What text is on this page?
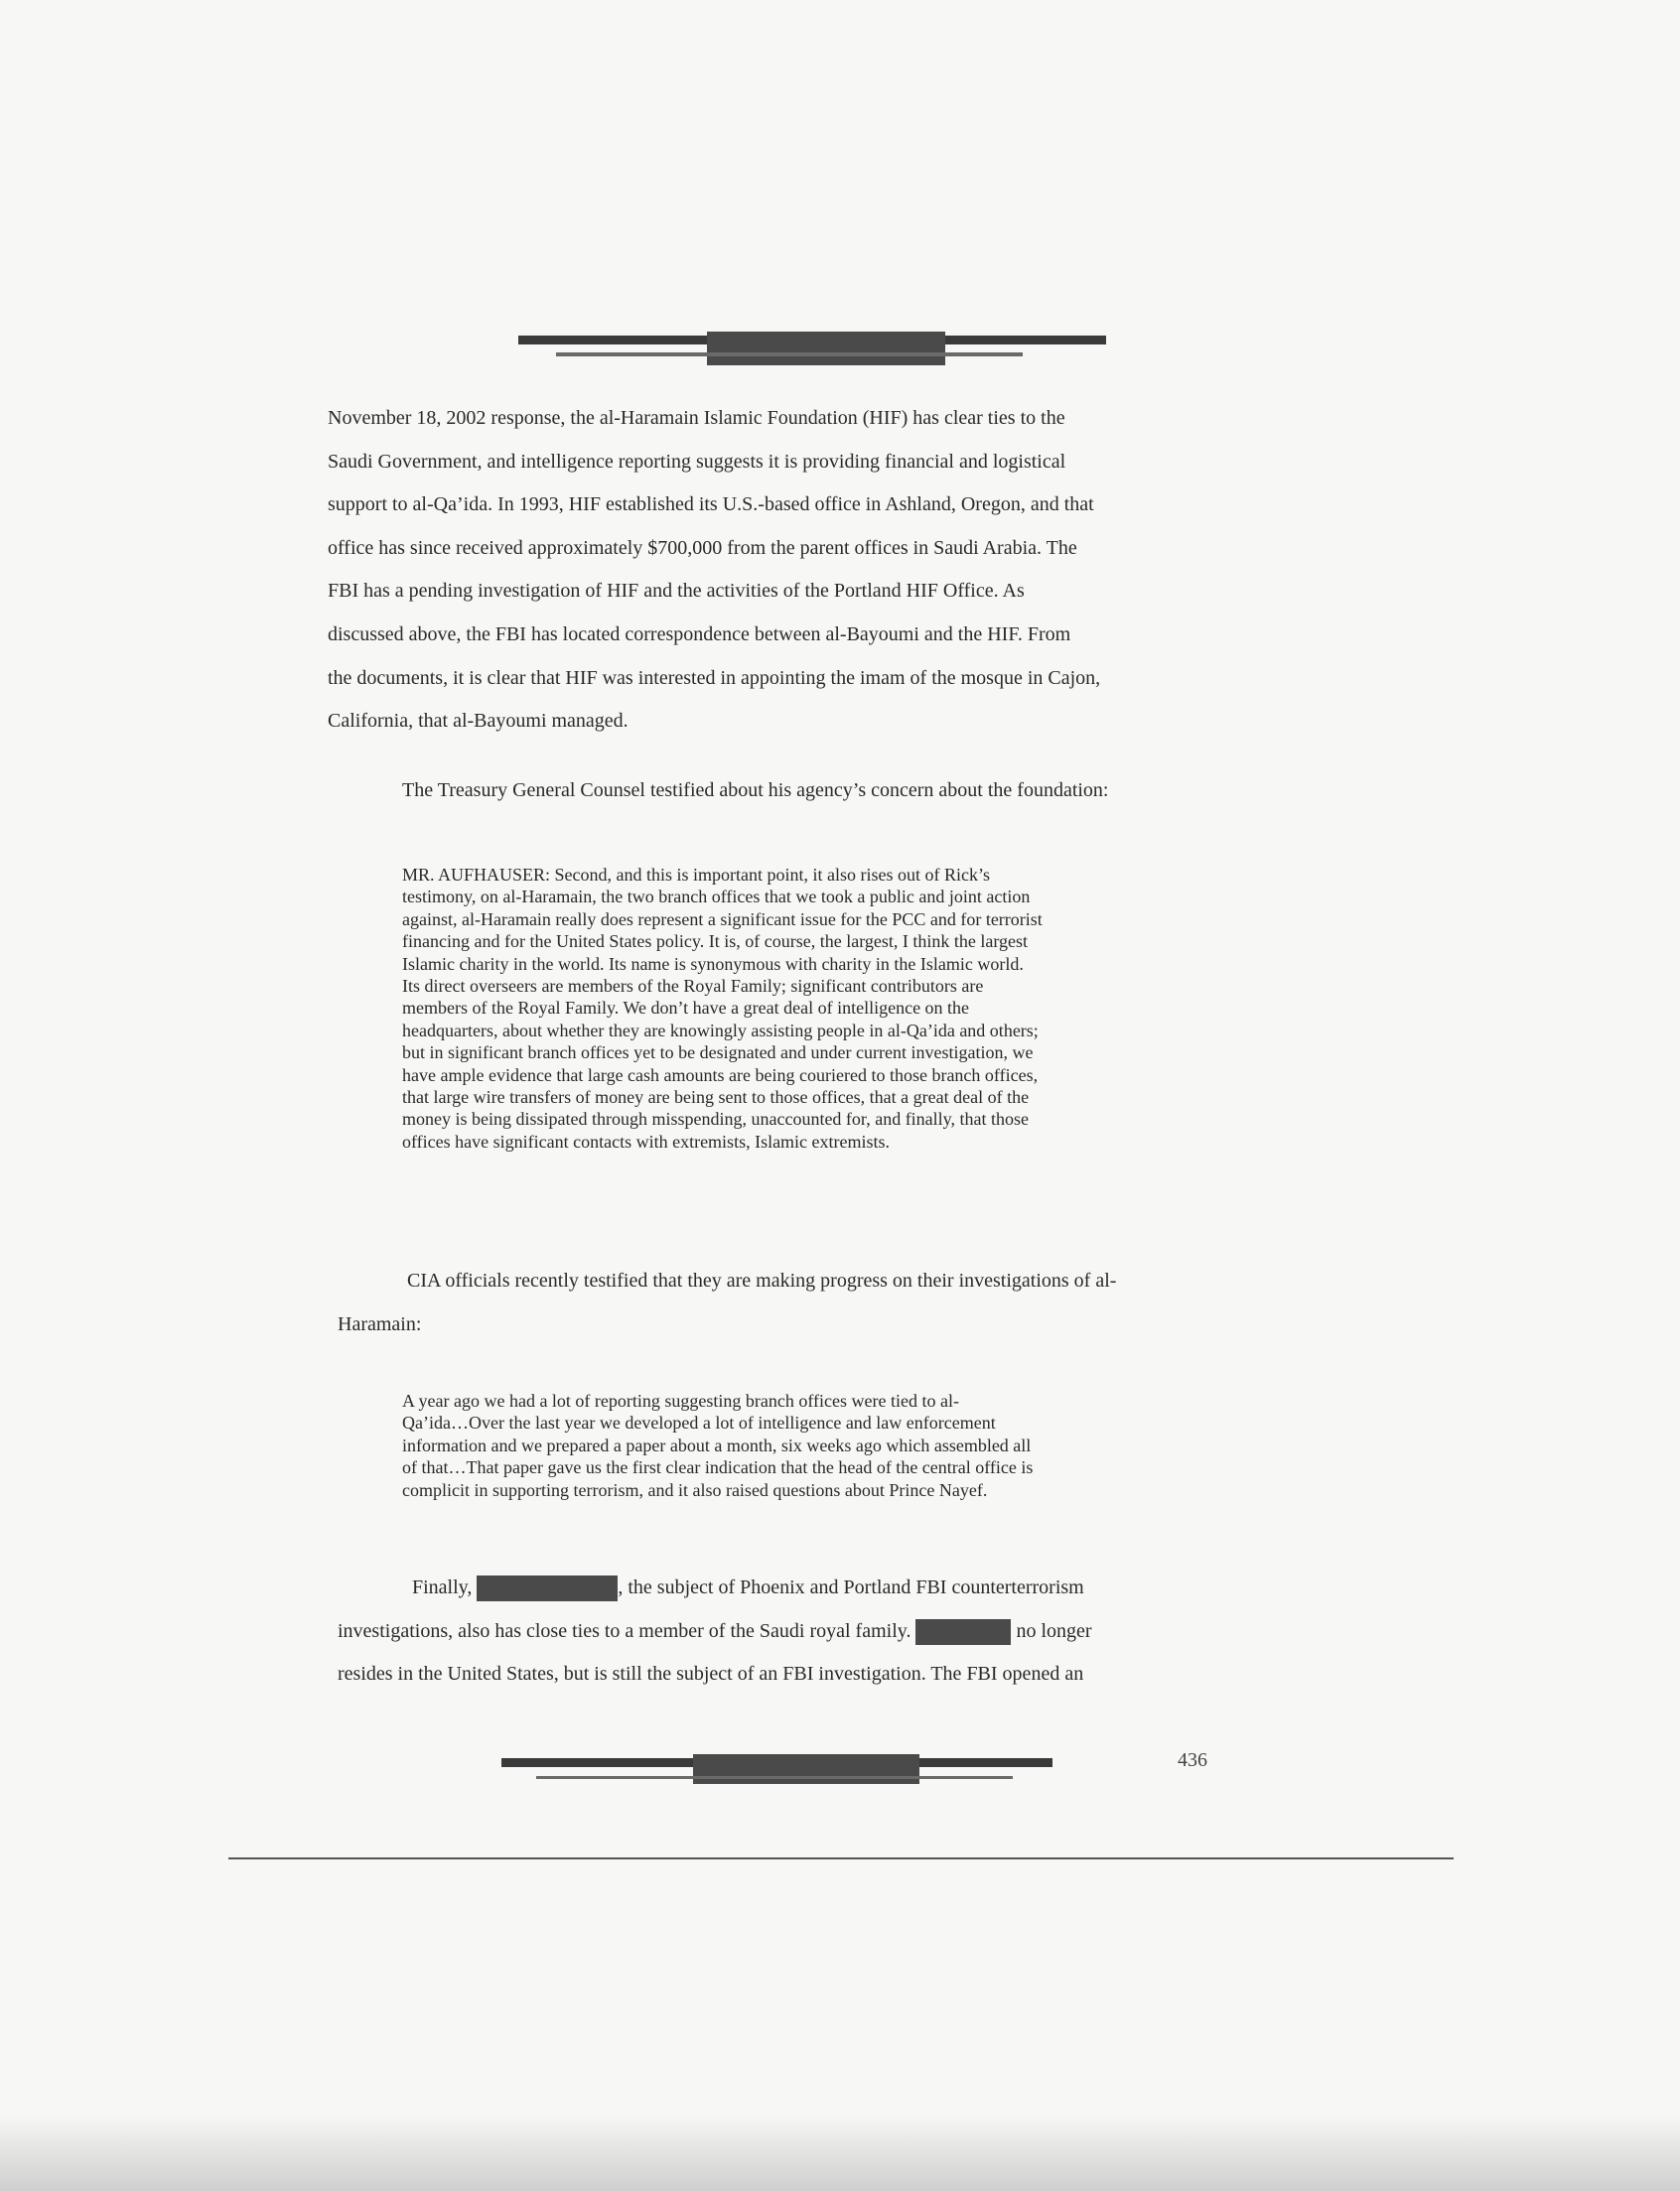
November 18, 2002 response, the al-Haramain Islamic Foundation (HIF) has clear ties to the
Saudi Government, and intelligence reporting suggests it is providing financial and logistical
support to al-Qa’ida. In 1993, HIF established its U.S.-based office in Ashland, Oregon, and that
office has since received approximately $700,000 from the parent offices in Saudi Arabia. The
FBI has a pending investigation of HIF and the activities of the Portland HIF Office. As
discussed above, the FBI has located correspondence between al-Bayoumi and the HIF. From
the documents, it is clear that HIF was interested in appointing the imam of the mosque in Cajon,
California, that al-Bayoumi managed.
The Treasury General Counsel testified about his agency’s concern about the foundation:
MR. AUFHAUSER: Second, and this is important point, it also rises out of Rick’s
testimony, on al-Haramain, the two branch offices that we took a public and joint action
against, al-Haramain really does represent a significant issue for the PCC and for terrorist
financing and for the United States policy. It is, of course, the largest, I think the largest
Islamic charity in the world. Its name is synonymous with charity in the Islamic world.
Its direct overseers are members of the Royal Family; significant contributors are
members of the Royal Family. We don’t have a great deal of intelligence on the
headquarters, about whether they are knowingly assisting people in al-Qa’ida and others;
but in significant branch offices yet to be designated and under current investigation, we
have ample evidence that large cash amounts are being couriered to those branch offices,
that large wire transfers of money are being sent to those offices, that a great deal of the
money is being dissipated through misspending, unaccounted for, and finally, that those
offices have significant contacts with extremists, Islamic extremists.
CIA officials recently testified that they are making progress on their investigations of al-
Haramain:
A year ago we had a lot of reporting suggesting branch offices were tied to al-
Qa’ida…Over the last year we developed a lot of intelligence and law enforcement
information and we prepared a paper about a month, six weeks ago which assembled all
of that…That paper gave us the first clear indication that the head of the central office is
complicit in supporting terrorism, and it also raised questions about Prince Nayef.
Finally,	, the subject of Phoenix and Portland FBI counterterrorism
investigations, also has close ties to a member of the Saudi royal family.	no longer
resides in the United States, but is still the subject of an FBI investigation. The FBI opened an
436
